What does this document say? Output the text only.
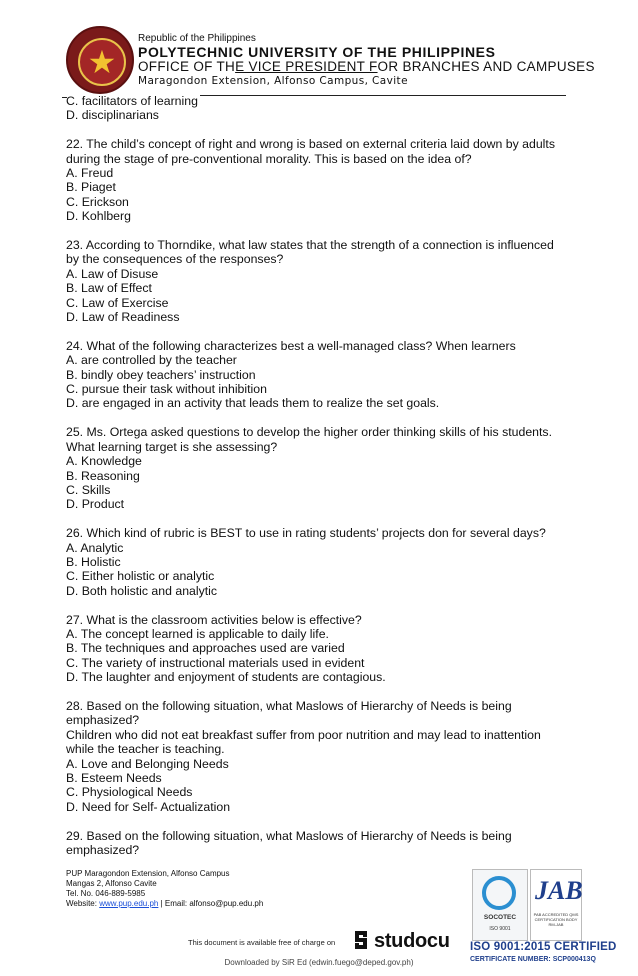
★
Republic of the Philippines
POLYTECHNIC UNIVERSITY OF THE PHILIPPINES
OFFICE OF THE VICE PRESIDENT FOR BRANCHES AND CAMPUSES
Maragondon Extension, Alfonso Campus, Cavite

C. facilitators of learning

D. disciplinarians

22. The child’s concept of right and wrong is based on external criteria laid down by adults

during the stage of pre-conventional morality. This is based on the idea of?

A. Freud

B. Piaget

C. Erickson

D. Kohlberg

23. According to Thorndike, what law states that the strength of a connection is influenced

by the consequences of the responses?

A. Law of Disuse

B. Law of Effect

C. Law of Exercise

D. Law of Readiness

24. What of the following characterizes best a well-managed class? When learners

A. are controlled by the teacher

B. bindly obey teachers’ instruction

C. pursue their task without inhibition

D. are engaged in an activity that leads them to realize the set goals.

25. Ms. Ortega asked questions to develop the higher order thinking skills of his students.

What learning target is she assessing?

A. Knowledge

B. Reasoning

C. Skills

D. Product

26. Which kind of rubric is BEST to use in rating students’ projects don for several days?

A. Analytic

B. Holistic

C. Either holistic or analytic

D. Both holistic and analytic

27. What is the classroom activities below is effective?

A. The concept learned is applicable to daily life.

B. The techniques and approaches used are varied

C. The variety of instructional materials used in evident

D. The laughter and enjoyment of students are contagious.

28. Based on the following situation, what Maslows of Hierarchy of Needs is being

emphasized?

Children who did not eat breakfast suffer from poor nutrition and may lead to inattention

while the teacher is teaching.

A. Love and Belonging Needs

B. Esteem Needs

C. Physiological Needs

D. Need for Self- Actualization

29. Based on the following situation, what Maslows of Hierarchy of Needs is being

emphasized?

PUP Maragondon Extension, Alfonso Campus
Mangas 2, Alfonso Cavite
Tel. No. 046-889-5985
Website: www.pup.edu.ph | Email: alfonso@pup.edu.ph
SOCOTEC
ISO 9001
JAB
PAB ACCREDITED QMS CERTIFICATION BODY RM-JAB
ISO 9001:2015 CERTIFIED
CERTIFICATE NUMBER: SCP000413Q
This document is available free of charge on	studocu
Downloaded by SiR Ed (edwin.fuego@deped.gov.ph)
